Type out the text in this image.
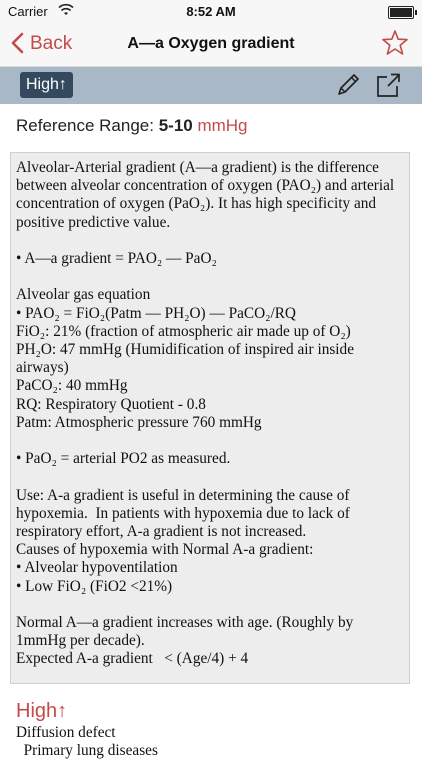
Carrier	8:52 AM
Back	A—a Oxygen gradient
High↑
Reference Range: 5-10 mmHg
Alveolar-Arterial gradient (A—a gradient) is the difference between alveolar concentration of oxygen (PAO₂) and arterial concentration of oxygen (PaO₂). It has high specificity and positive predictive value.

• A—a gradient = PAO₂ — PaO₂

Alveolar gas equation
• PAO₂ = FiO₂(Patm — PH₂O) — PaCO₂/RQ
FiO₂: 21% (fraction of atmospheric air made up of O₂)
PH₂O: 47 mmHg (Humidification of inspired air inside airways)
PaCO₂: 40 mmHg
RQ: Respiratory Quotient - 0.8
Patm: Atmospheric pressure 760 mmHg

• PaO₂ = arterial PO2 as measured.

Use: A-a gradient is useful in determining the cause of hypoxemia.  In patients with hypoxemia due to lack of respiratory effort, A-a gradient is not increased.
Causes of hypoxemia with Normal A-a gradient:
• Alveolar hypoventilation
• Low FiO₂ (FiO2 <21%)

Normal A—a gradient increases with age. (Roughly by 1mmHg per decade).
Expected A-a gradient   < (Age/4) + 4
High↑
Diffusion defect
Primary lung diseases
